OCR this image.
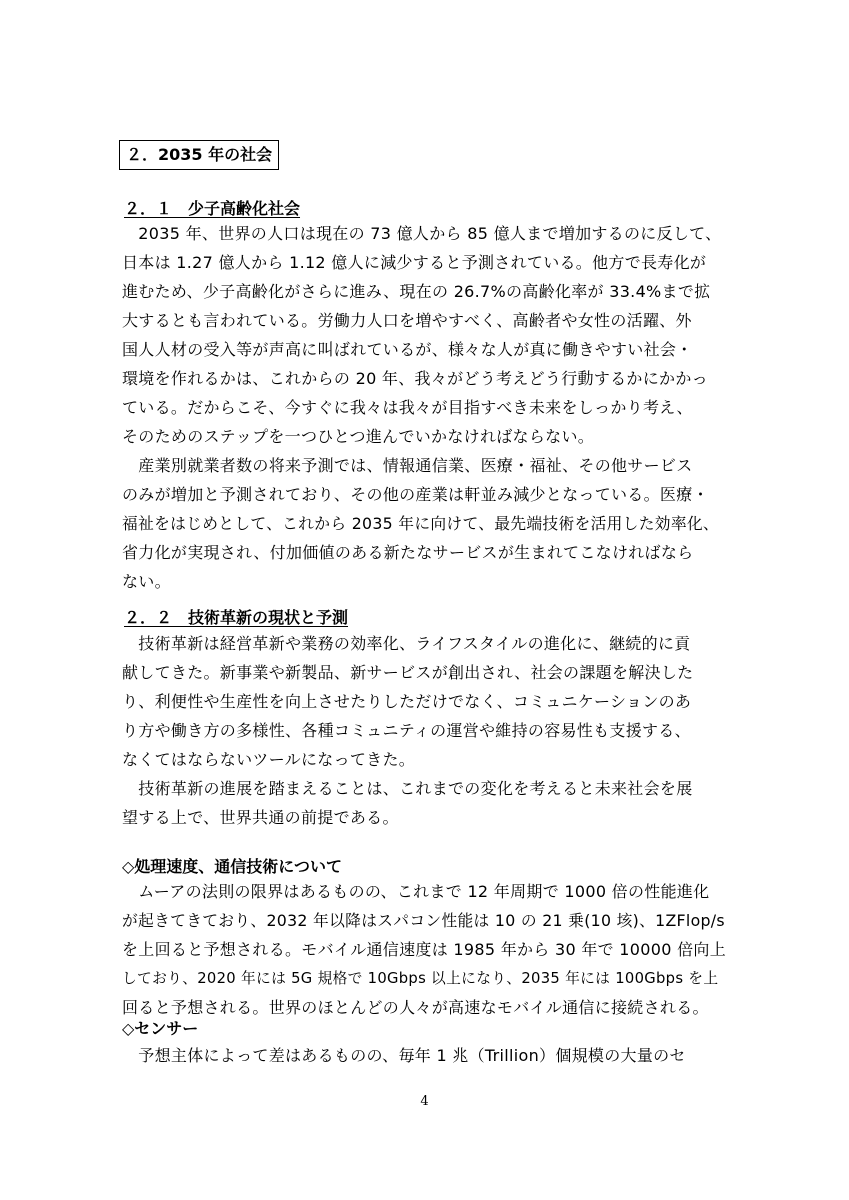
２．2035 年の社会
２．１　少子高齢化社会
　2035 年、世界の人口は現在の 73 億人から 85 億人まで増加するのに反して、
日本は 1.27 億人から 1.12 億人に減少すると予測されている。他方で長寿化が
進むため、少子高齢化がさらに進み、現在の 26.7%の高齢化率が 33.4%まで拡
大するとも言われている。労働力人口を増やすべく、高齢者や女性の活躍、外
国人人材の受入等が声高に叫ばれているが、様々な人が真に働きやすい社会・
環境を作れるかは、これからの 20 年、我々がどう考えどう行動するかにかかっ
ている。だからこそ、今すぐに我々は我々が目指すべき未来をしっかり考え、
そのためのステップを一つひとつ進んでいかなければならない。
　産業別就業者数の将来予測では、情報通信業、医療・福祉、その他サービス
のみが増加と予測されており、その他の産業は軒並み減少となっている。医療・
福祉をはじめとして、これから 2035 年に向けて、最先端技術を活用した効率化、
省力化が実現され、付加価値のある新たなサービスが生まれてこなければなら
ない。
２．２　技術革新の現状と予測
　技術革新は経営革新や業務の効率化、ライフスタイルの進化に、継続的に貢
献してきた。新事業や新製品、新サービスが創出され、社会の課題を解決した
り、利便性や生産性を向上させたりしただけでなく、コミュニケーションのあ
り方や働き方の多様性、各種コミュニティの運営や維持の容易性も支援する、
なくてはならないツールになってきた。
　技術革新の進展を踏まえることは、これまでの変化を考えると未来社会を展
望する上で、世界共通の前提である。
◇処理速度、通信技術について
　ムーアの法則の限界はあるものの、これまで 12 年周期で 1000 倍の性能進化
が起きてきており、2032 年以降はスパコン性能は 10 の 21 乗(10 垓)、1ZFlop/s
を上回ると予想される。モバイル通信速度は 1985 年から 30 年で 10000 倍向上
しており、2020 年には 5G 規格で 10Gbps 以上になり、2035 年には 100Gbps を上
回ると予想される。世界のほとんどの人々が高速なモバイル通信に接続される。
◇センサー
　予想主体によって差はあるものの、毎年 1 兆（Trillion）個規模の大量のセ
4
